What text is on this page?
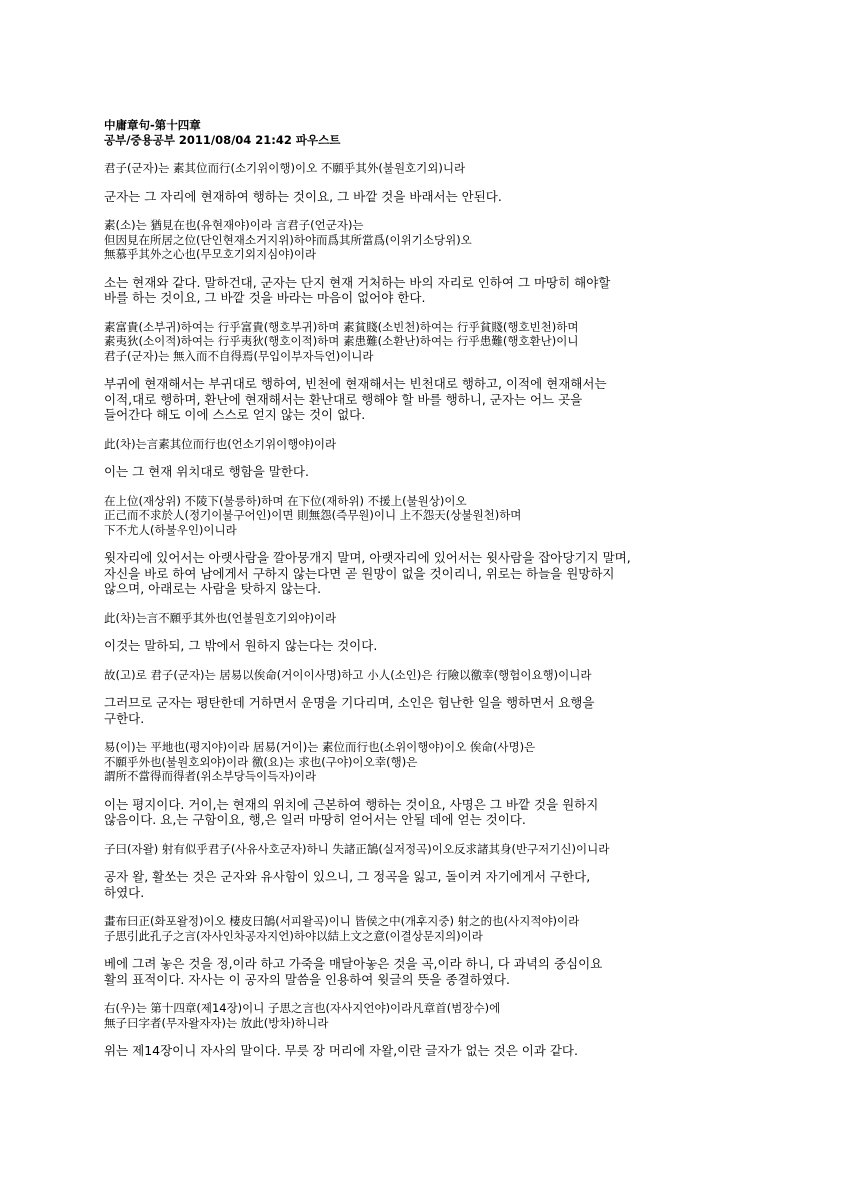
中庸章句-第十四章
공부/중용공부 2011/08/04 21:42 파우스트
君子(군자)는 素其位而行(소기위이행)이오 不願乎其外(불원호기외)니라
군자는 그 자리에 현재하여 행하는 것이요, 그 바깥 것을 바래서는 안된다.
素(소)는 猶見在也(유현재야)이라 言君子(언군자)는
但因見在所居之位(단인현재소거지위)하야而爲其所當爲(이위기소당위)오
無慕乎其外之心也(무모호기외지심야)이라
소는 현재와 같다. 말하건대, 군자는 단지 현재 거처하는 바의 자리로 인하여 그 마땅히 해야할
바를 하는 것이요, 그 바깥 것을 바라는 마음이 없어야 한다.
素富貴(소부귀)하여는 行乎富貴(행호부귀)하며 素貧賤(소빈천)하여는 行乎貧賤(행호빈천)하며
素夷狄(소이적)하여는 行乎夷狄(행호이적)하며 素患難(소환난)하여는 行乎患難(행호환난)이니
君子(군자)는 無入而不自得焉(무입이부자득언)이니라
부귀에 현재해서는 부귀대로 행하여, 빈천에 현재해서는 빈천대로 행하고, 이적에 현재해서는
이적,대로 행하며, 환난에 현재해서는 환난대로 행해야 할 바를 행하니, 군자는 어느 곳을
들어간다 해도 이에 스스로 얻지 않는 것이 없다.
此(차)는言素其位而行也(언소기위이행야)이라
이는 그 현재 위치대로 행함을 말한다.
在上位(재상위) 不陵下(불릉하)하며 在下位(재하위) 不援上(불원상)이오
正己而不求於人(정기이불구어인)이면 則無怨(즉무원)이니 上不怨天(상불원천)하며
下不尤人(하불우인)이니라
윗자리에 있어서는 아랫사람을 깔아뭉개지 말며, 아랫자리에 있어서는 윗사람을 잡아당기지 말며,
자신을 바로 하여 남에게서 구하지 않는다면 곧 원망이 없을 것이리니, 위로는 하늘을 원망하지
않으며, 아래로는 사람을 탓하지 않는다.
此(차)는言不願乎其外也(언불원호기외야)이라
이것는 말하되, 그 밖에서 원하지 않는다는 것이다.
故(고)로 君子(군자)는 居易以俟命(거이이사명)하고 小人(소인)은 行險以徼幸(행험이요행)이니라
그러므로 군자는 평탄한데 거하면서 운명을 기다리며, 소인은 험난한 일을 행하면서 요행을
구한다.
易(이)는 平地也(평지야)이라 居易(거이)는 素位而行也(소위이행야)이오 俟命(사명)은
不願乎外也(불원호외야)이라 徼(요)는 求也(구야)이오幸(행)은
謂所不當得而得者(위소부당득이득자)이라
이는 평지이다. 거이,는 현재의 위치에 근본하여 행하는 것이요, 사명은 그 바깥 것을 원하지
않음이다. 요,는 구함이요, 행,은 일러 마땅히 얻어서는 안될 데에 얻는 것이다.
子曰(자왈) 射有似乎君子(사유사호군자)하니 失諸正鵠(실저정곡)이오反求諸其身(반구저기신)이니라
공자 왈, 활쏘는 것은 군자와 유사함이 있으니, 그 정곡을 잃고, 돌이켜 자기에게서 구한다,
하였다.
畫布曰正(화포왈정)이오 棲皮曰鵠(서피왈곡)이니 皆侯之中(개후지중) 射之的也(사지적야)이라
子思引此孔子之言(자사인차공자지언)하야以結上文之意(이결상문지의)이라
베에 그려 놓은 것을 정,이라 하고 가죽을 매달아놓은 것을 곡,이라 하니, 다 과녁의 중심이요
활의 표적이다. 자사는 이 공자의 말씀을 인용하여 윗글의 뜻을 종결하였다.
右(우)는 第十四章(제14장)이니 子思之言也(자사지언야)이라凡章首(범장수)에
無子曰字者(무자왈자자)는 放此(방차)하니라
위는 제14장이니 자사의 말이다. 무릇 장 머리에 자왈,이란 글자가 없는 것은 이과 같다.
